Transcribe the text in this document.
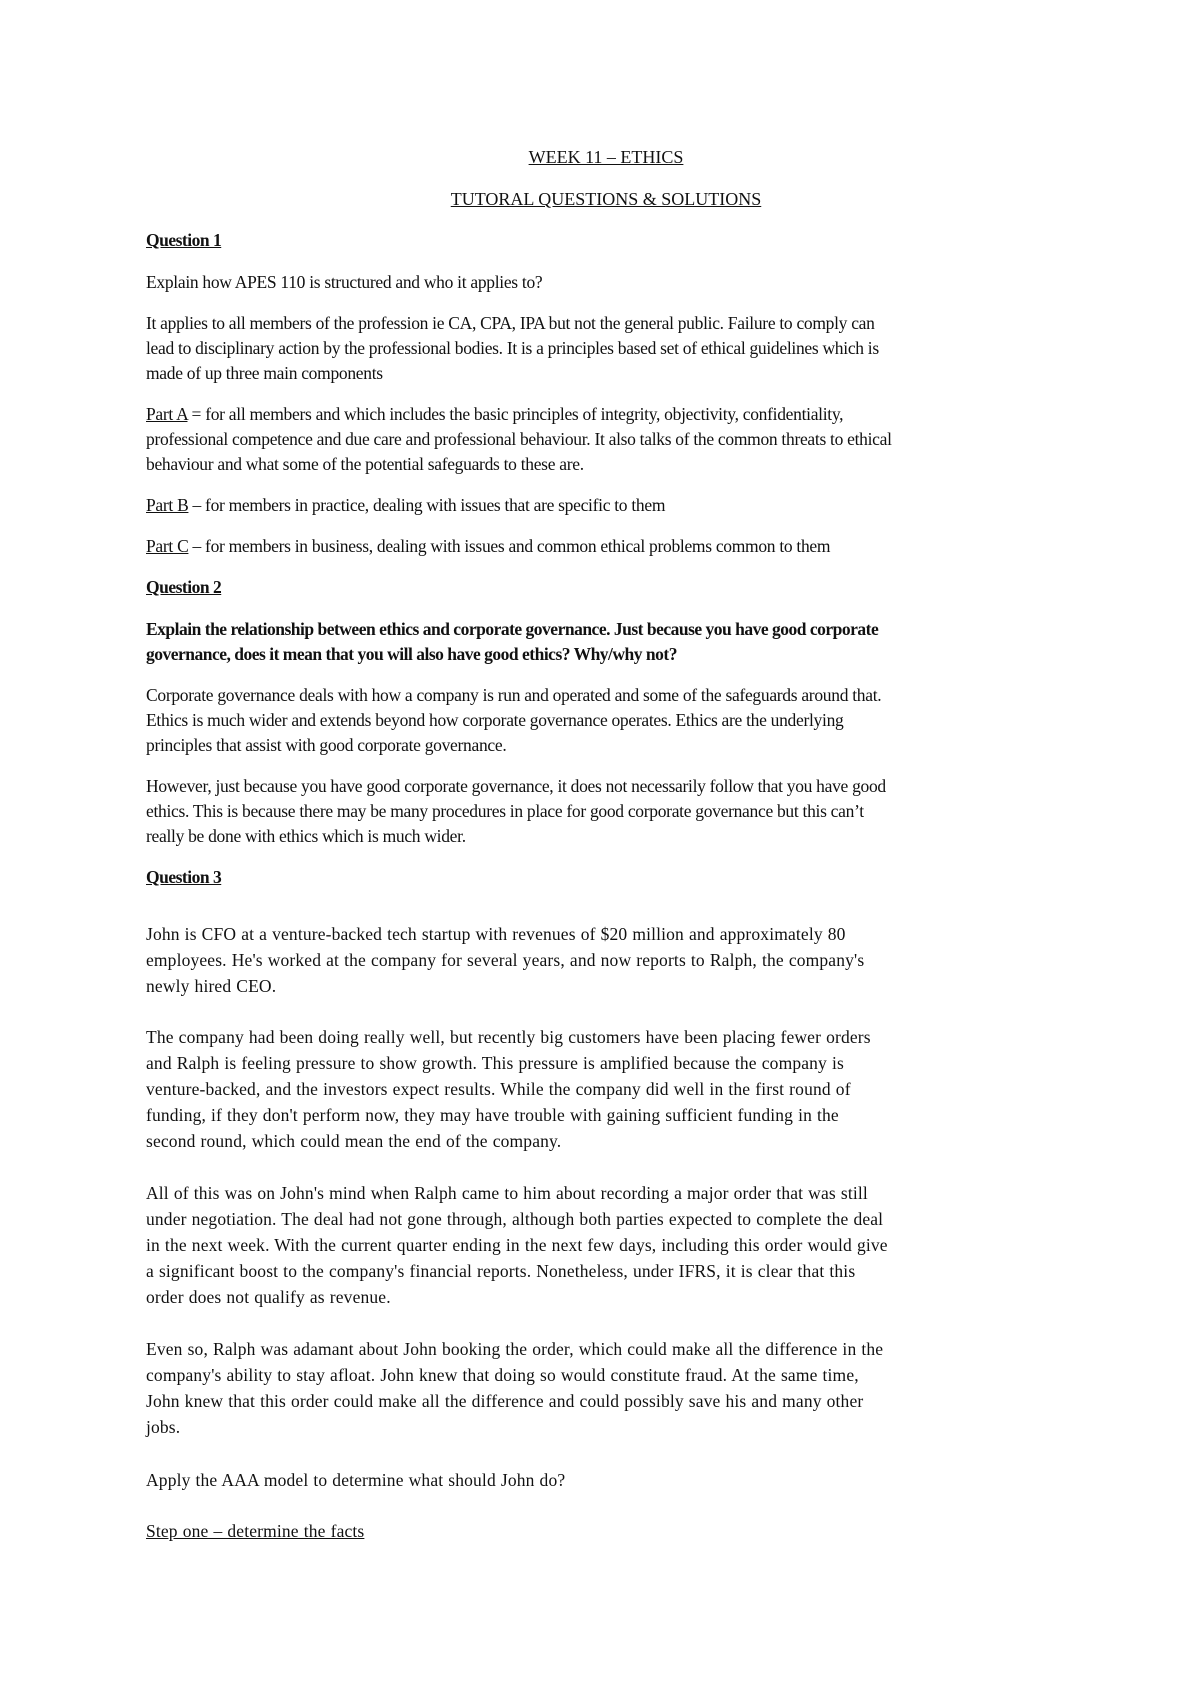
WEEK 11 – ETHICS

TUTORAL QUESTIONS & SOLUTIONS

Question 1

Explain how APES 110 is structured and who it applies to?

It applies to all members of the profession ie CA, CPA, IPA but not the general public. Failure to comply can

lead to disciplinary action by the professional bodies. It is a principles based set of ethical guidelines which is

made of up three main components

Part A = for all members and which includes the basic principles of integrity, objectivity, confidentiality,

professional competence and due care and professional behaviour. It also talks of the common threats to ethical

behaviour and what some of the potential safeguards to these are.

Part B – for members in practice, dealing with issues that are specific to them

Part C – for members in business, dealing with issues and common ethical problems common to them

Question 2

Explain the relationship between ethics and corporate governance. Just because you have good corporate

governance, does it mean that you will also have good ethics? Why/why not?

Corporate governance deals with how a company is run and operated and some of the safeguards around that.

Ethics is much wider and extends beyond how corporate governance operates. Ethics are the underlying

principles that assist with good corporate governance.

However, just because you have good corporate governance, it does not necessarily follow that you have good

ethics. This is because there may be many procedures in place for good corporate governance but this can’t

really be done with ethics which is much wider.

Question 3

John is CFO at a venture-backed tech startup with revenues of $20 million and approximately 80

employees. He's worked at the company for several years, and now reports to Ralph, the company's

newly hired CEO.

The company had been doing really well, but recently big customers have been placing fewer orders

and Ralph is feeling pressure to show growth. This pressure is amplified because the company is

venture-backed, and the investors expect results. While the company did well in the first round of

funding, if they don't perform now, they may have trouble with gaining sufficient funding in the

second round, which could mean the end of the company.

All of this was on John's mind when Ralph came to him about recording a major order that was still

under negotiation. The deal had not gone through, although both parties expected to complete the deal

in the next week. With the current quarter ending in the next few days, including this order would give

a significant boost to the company's financial reports. Nonetheless, under IFRS, it is clear that this

order does not qualify as revenue.

Even so, Ralph was adamant about John booking the order, which could make all the difference in the

company's ability to stay afloat. John knew that doing so would constitute fraud. At the same time,

John knew that this order could make all the difference and could possibly save his and many other

jobs.

Apply the AAA model to determine what should John do?

Step one – determine the facts
